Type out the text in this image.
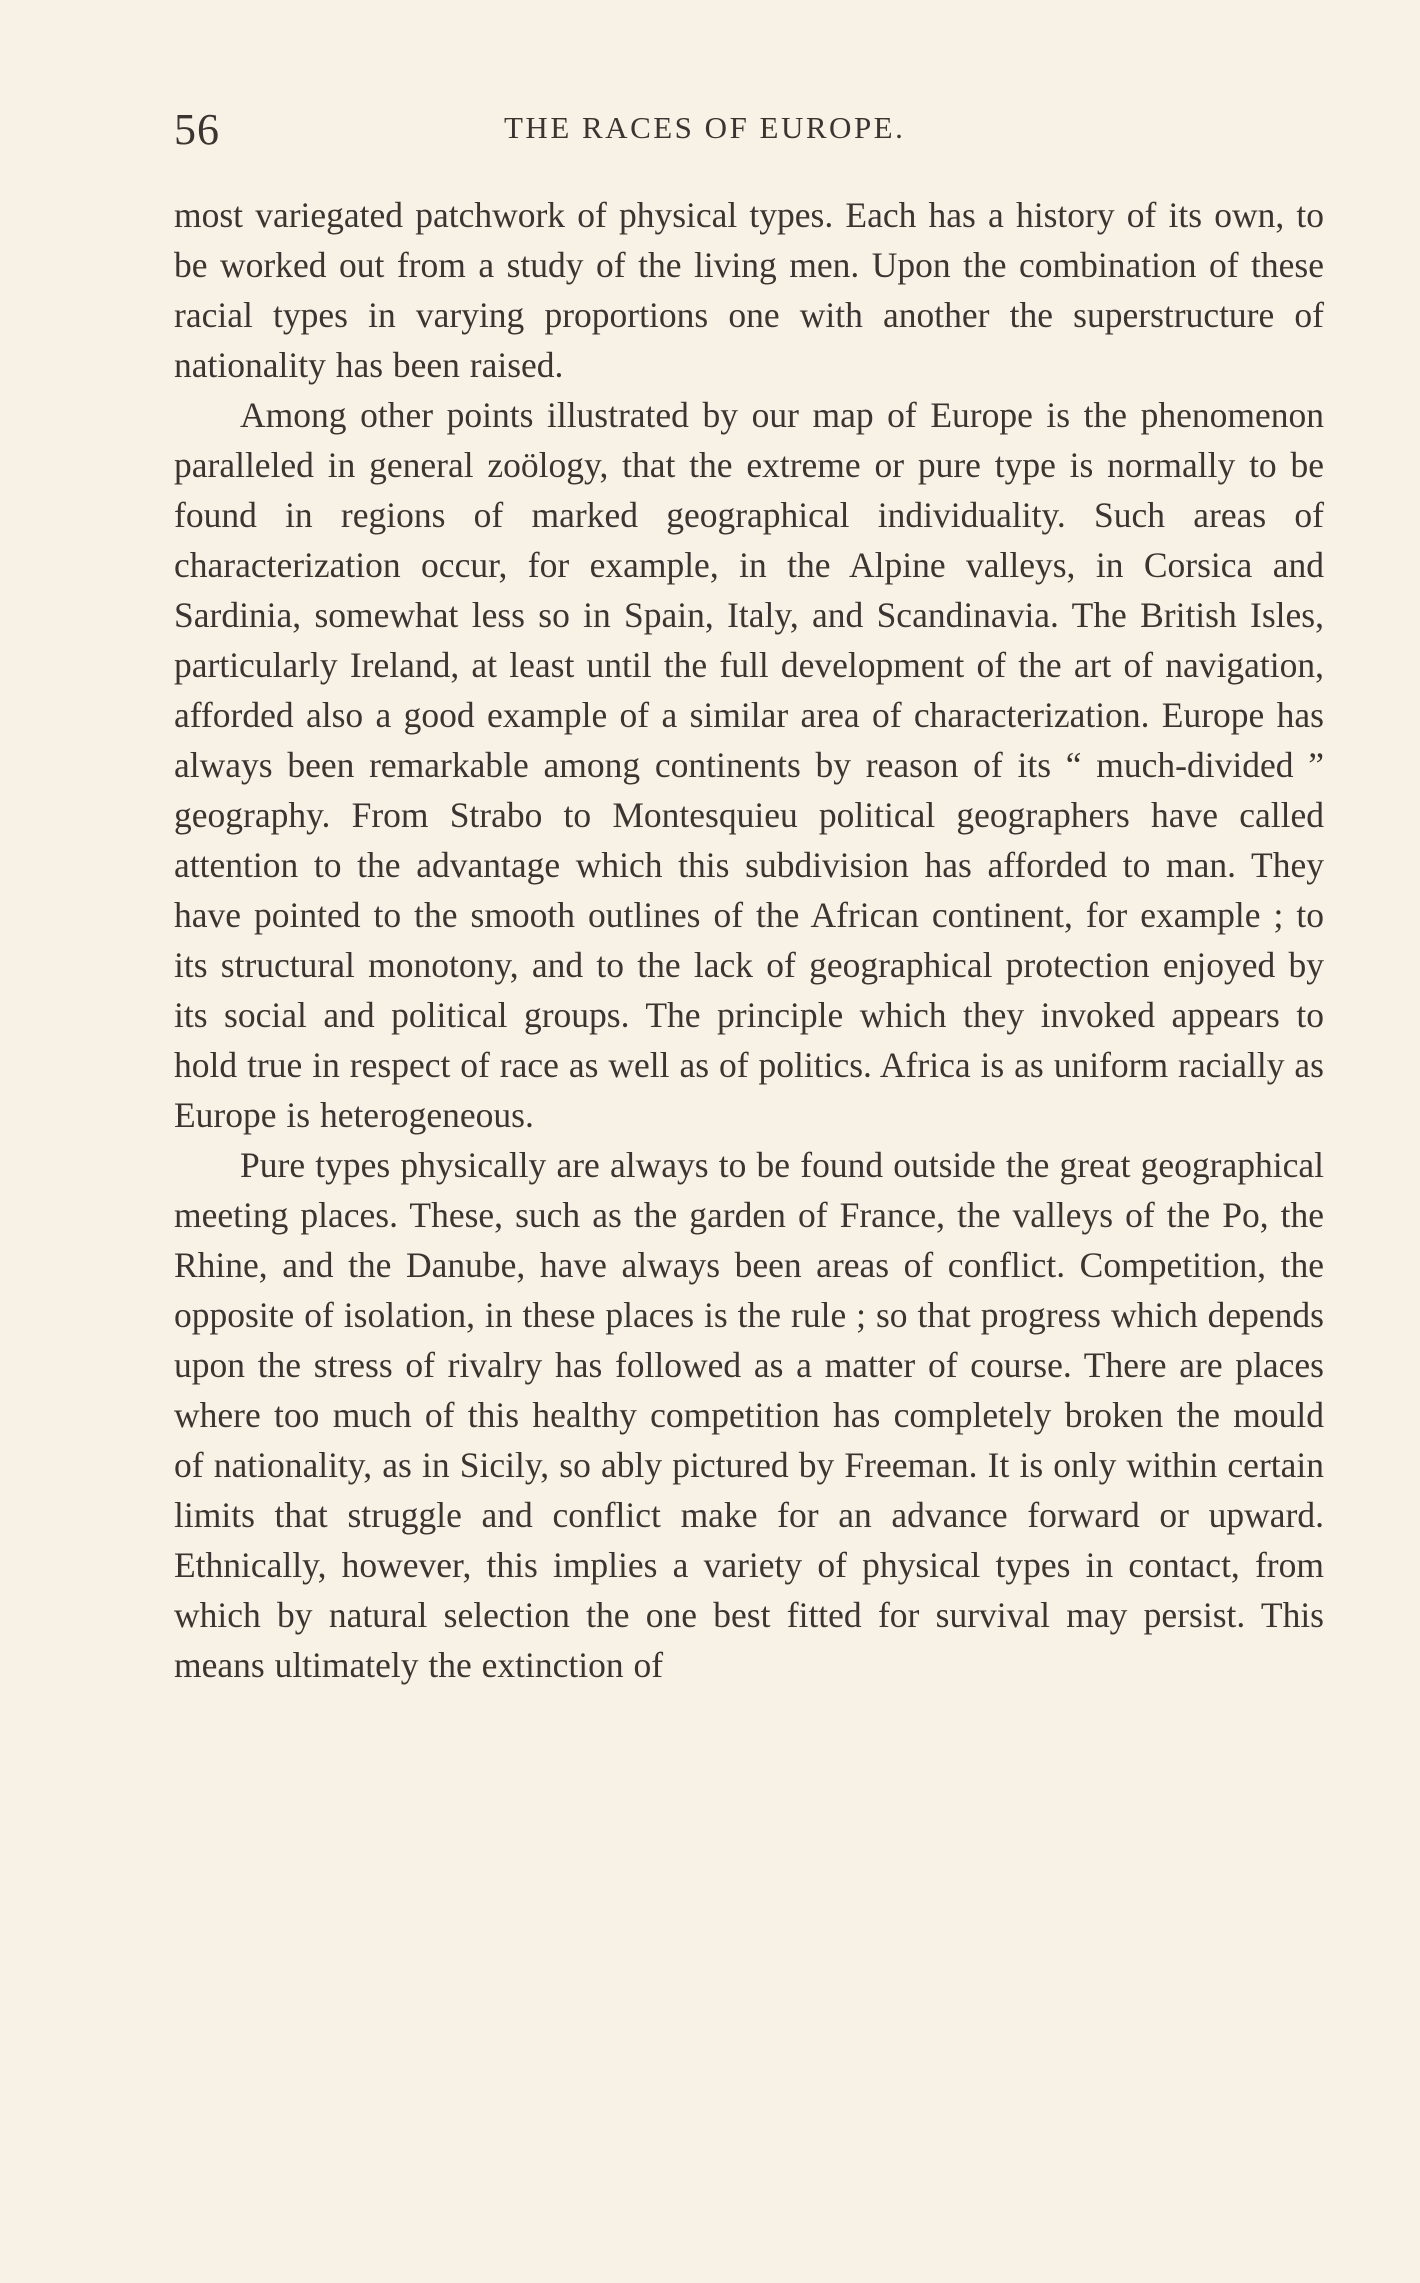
56	THE RACES OF EUROPE.

most variegated patchwork of physical types. Each has a history of its own, to be worked out from a study of the living men. Upon the combination of these racial types in varying proportions one with another the superstructure of nationality has been raised.

Among other points illustrated by our map of Europe is the phenomenon paralleled in general zoölogy, that the extreme or pure type is normally to be found in regions of marked geographical individuality. Such areas of characterization occur, for example, in the Alpine valleys, in Corsica and Sardinia, somewhat less so in Spain, Italy, and Scandinavia. The British Isles, particularly Ireland, at least until the full development of the art of navigation, afforded also a good example of a similar area of characterization. Europe has always been remarkable among continents by reason of its “ much-divided ” geography. From Strabo to Montesquieu political geographers have called attention to the advantage which this subdivision has afforded to man. They have pointed to the smooth outlines of the African continent, for example ; to its structural monotony, and to the lack of geographical protection enjoyed by its social and political groups. The principle which they invoked appears to hold true in respect of race as well as of politics. Africa is as uniform racially as Europe is heterogeneous.

Pure types physically are always to be found outside the great geographical meeting places. These, such as the garden of France, the valleys of the Po, the Rhine, and the Danube, have always been areas of conflict. Competition, the opposite of isolation, in these places is the rule ; so that progress which depends upon the stress of rivalry has followed as a matter of course. There are places where too much of this healthy competition has completely broken the mould of nationality, as in Sicily, so ably pictured by Freeman. It is only within certain limits that struggle and conflict make for an advance forward or upward. Ethnically, however, this implies a variety of physical types in contact, from which by natural selection the one best fitted for survival may persist. This means ultimately the extinction of
